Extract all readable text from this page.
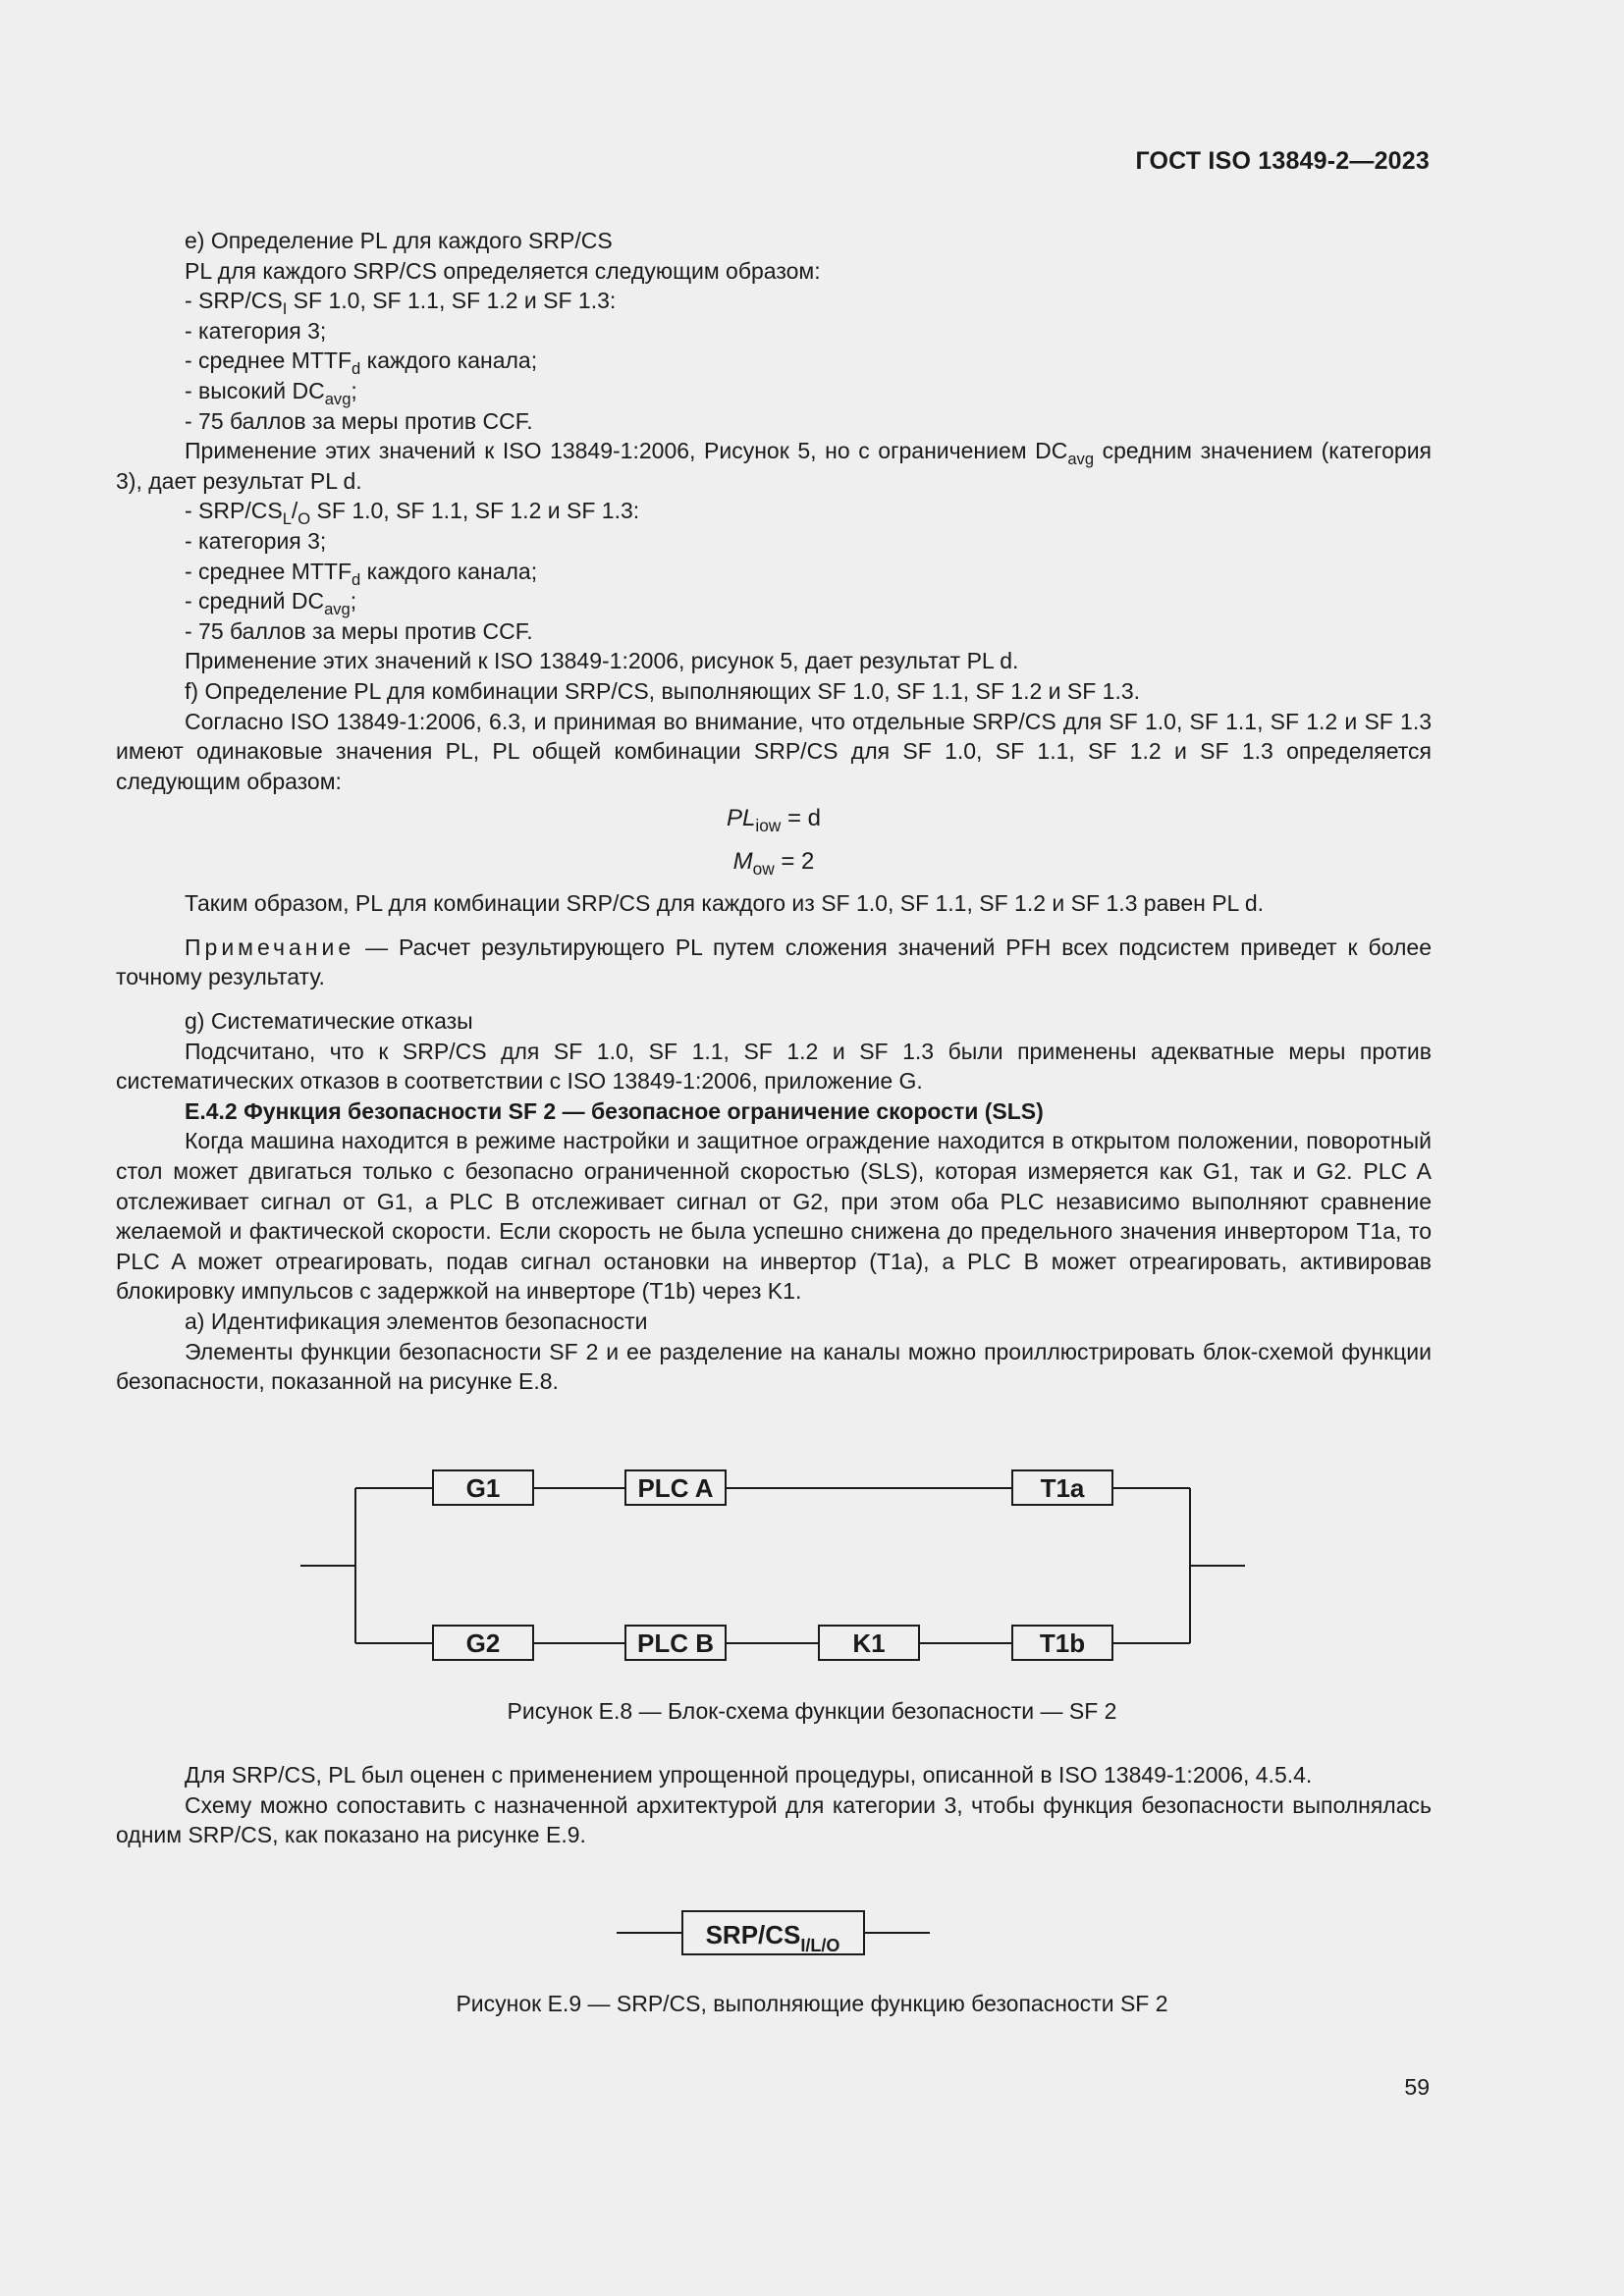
ГОСТ ISO 13849-2—2023

e) Определение PL для каждого SRP/CS

PL для каждого SRP/CS определяется следующим образом:

- SRP/$CS_I$ SF 1.0, SF 1.1, SF 1.2 и SF 1.3:

- категория 3;

- среднее $MTTF_d$ каждого канала;

- высокий $DC_{avg}$;

- 75 баллов за меры против CCF.

Применение этих значений к ISO 13849-1:2006, Рисунок 5, но с ограничением $DC_{avg}$ средним значением (категория 3), дает результат PL d.

- SRP/$CS_L/_O$ SF 1.0, SF 1.1, SF 1.2 и SF 1.3:

- категория 3;

- среднее $MTTF_d$ каждого канала;

- средний $DC_{avg}$;

- 75 баллов за меры против CCF.

Применение этих значений к ISO 13849-1:2006, рисунок 5, дает результат PL d.

f) Определение PL для комбинации SRP/CS, выполняющих SF 1.0, SF 1.1, SF 1.2 и SF 1.3.

Согласно ISO 13849-1:2006, 6.3, и принимая во внимание, что отдельные SRP/CS для SF 1.0, SF 1.1, SF 1.2 и SF 1.3 имеют одинаковые значения PL, PL общей комбинации SRP/CS для SF 1.0, SF 1.1, SF 1.2 и SF 1.3 определяется следующим образом:

$PL_{iow} = d$

$M_{ow} = 2$

Таким образом, PL для комбинации SRP/CS для каждого из SF 1.0, SF 1.1, SF 1.2 и SF 1.3 равен PL d.

Примечание — Расчет результирующего PL путем сложения значений PFH всех подсистем приведет к более точному результату.

g) Систематические отказы

Подсчитано, что к SRP/CS для SF 1.0, SF 1.1, SF 1.2 и SF 1.3 были применены адекватные меры против систематических отказов в соответствии с ISO 13849-1:2006, приложение G.

E.4.2 Функция безопасности SF 2 — безопасное ограничение скорости (SLS)

Когда машина находится в режиме настройки и защитное ограждение находится в открытом положении, поворотный стол может двигаться только с безопасно ограниченной скоростью (SLS), которая измеряется как G1, так и G2. PLC A отслеживает сигнал от G1, а PLC B отслеживает сигнал от G2, при этом оба PLC независимо выполняют сравнение желаемой и фактической скорости. Если скорость не была успешно снижена до предельного значения инвертором T1a, то PLC A может отреагировать, подав сигнал остановки на инвертор (T1a), а PLC B может отреагировать, активировав блокировку импульсов с задержкой на инверторе (T1b) через K1.

a) Идентификация элементов безопасности

Элементы функции безопасности SF 2 и ее разделение на каналы можно проиллюстрировать блок-схемой функции безопасности, показанной на рисунке E.8.

G1	PLC A	T1a
G2	PLC B	K1	T1b
Рисунок E.8 — Блок-схема функции безопасности — SF 2

Для SRP/CS, PL был оценен с применением упрощенной процедуры, описанной в ISO 13849-1:2006, 4.5.4.

Схему можно сопоставить с назначенной архитектурой для категории 3, чтобы функция безопасности выполнялась одним SRP/CS, как показано на рисунке E.9.

SRP/$CS_{I/L/O}$
Рисунок E.9 — SRP/CS, выполняющие функцию безопасности SF 2
59
